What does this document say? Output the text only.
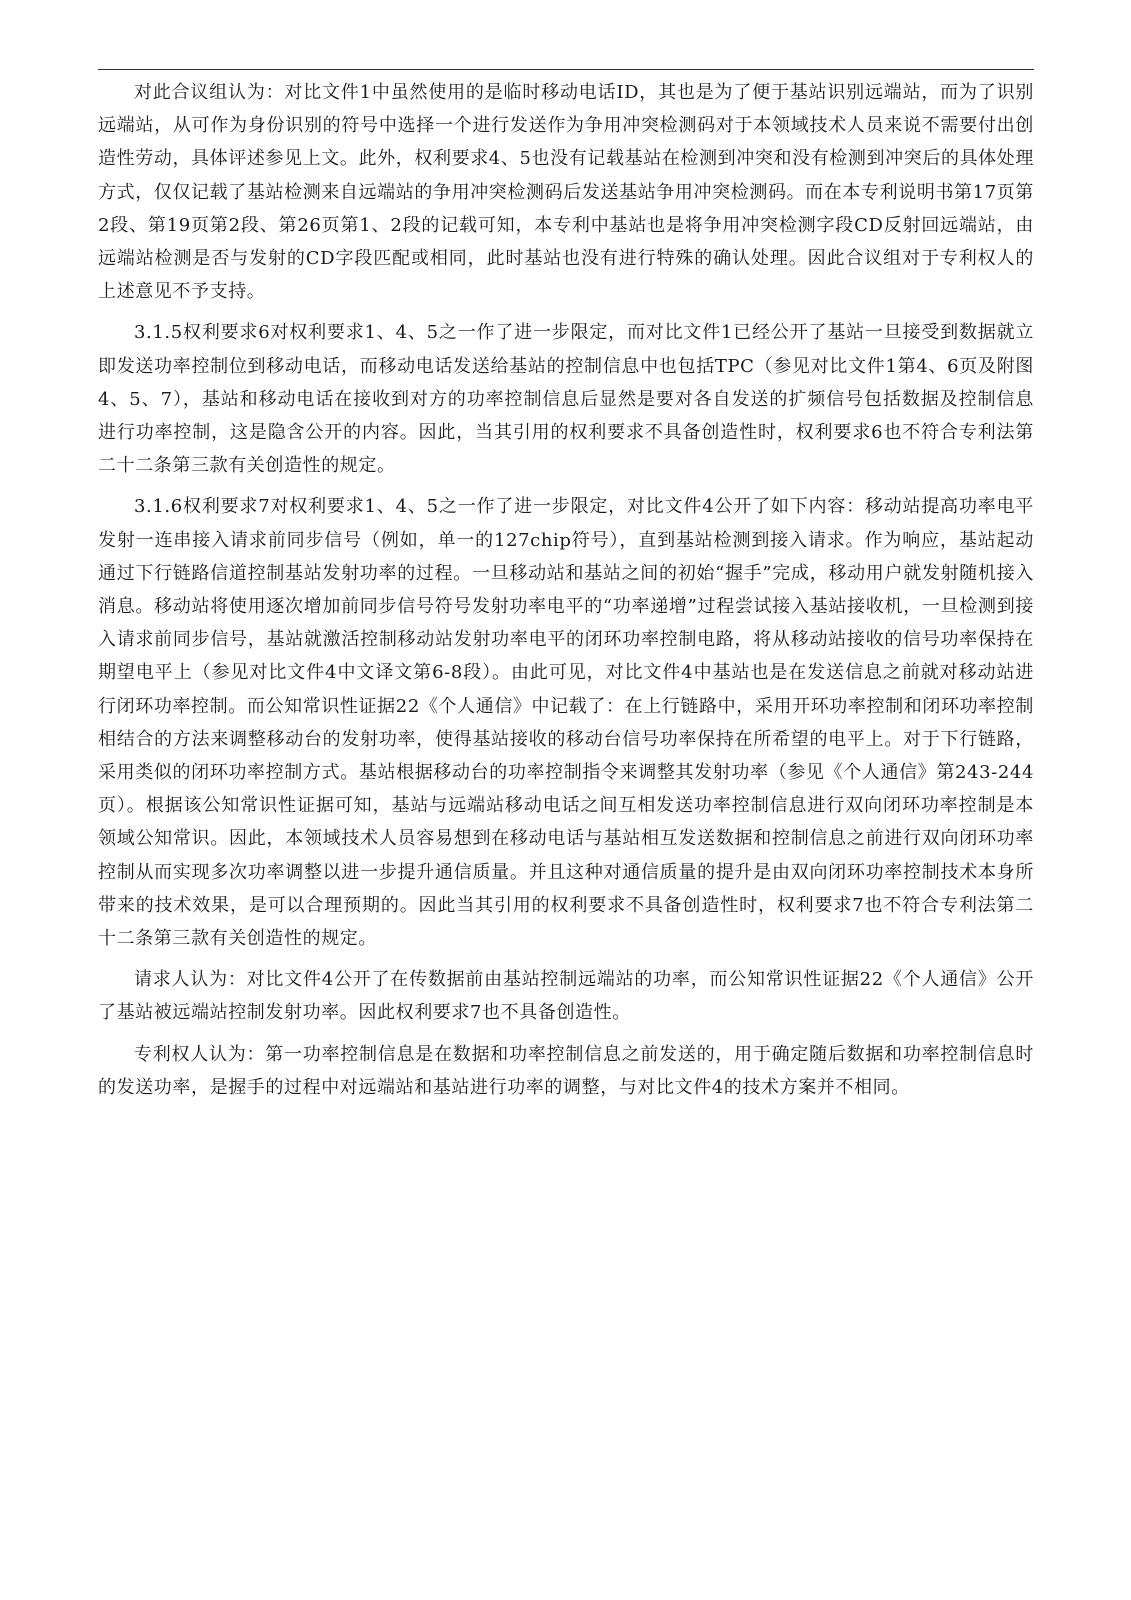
对此合议组认为：对比文件1中虽然使用的是临时移动电话ID，其也是为了便于基站识别远端站，而为了识别远端站，从可作为身份识别的符号中选择一个进行发送作为争用冲突检测码对于本领域技术人员来说不需要付出创造性劳动，具体评述参见上文。此外，权利要求4、5也没有记载基站在检测到冲突和没有检测到冲突后的具体处理方式，仅仅记载了基站检测来自远端站的争用冲突检测码后发送基站争用冲突检测码。而在本专利说明书第17页第2段、第19页第2段、第26页第1、2段的记载可知，本专利中基站也是将争用冲突检测字段CD反射回远端站，由远端站检测是否与发射的CD字段匹配或相同，此时基站也没有进行特殊的确认处理。因此合议组对于专利权人的上述意见不予支持。

3.1.5权利要求6对权利要求1、4、5之一作了进一步限定，而对比文件1已经公开了基站一旦接受到数据就立即发送功率控制位到移动电话，而移动电话发送给基站的控制信息中也包括TPC（参见对比文件1第4、6页及附图4、5、7），基站和移动电话在接收到对方的功率控制信息后显然是要对各自发送的扩频信号包括数据及控制信息进行功率控制，这是隐含公开的内容。因此，当其引用的权利要求不具备创造性时，权利要求6也不符合专利法第二十二条第三款有关创造性的规定。

3.1.6权利要求7对权利要求1、4、5之一作了进一步限定，对比文件4公开了如下内容：移动站提高功率电平发射一连串接入请求前同步信号（例如，单一的127chip符号），直到基站检测到接入请求。作为响应，基站起动通过下行链路信道控制基站发射功率的过程。一旦移动站和基站之间的初始“握手”完成，移动用户就发射随机接入消息。移动站将使用逐次增加前同步信号符号发射功率电平的“功率递增”过程尝试接入基站接收机，一旦检测到接入请求前同步信号，基站就激活控制移动站发射功率电平的闭环功率控制电路，将从移动站接收的信号功率保持在期望电平上（参见对比文件4中文译文第6-8段）。由此可见，对比文件4中基站也是在发送信息之前就对移动站进行闭环功率控制。而公知常识性证据22《个人通信》中记载了：在上行链路中，采用开环功率控制和闭环功率控制相结合的方法来调整移动台的发射功率，使得基站接收的移动台信号功率保持在所希望的电平上。对于下行链路，采用类似的闭环功率控制方式。基站根据移动台的功率控制指令来调整其发射功率（参见《个人通信》第243-244页）。根据该公知常识性证据可知，基站与远端站移动电话之间互相发送功率控制信息进行双向闭环功率控制是本领域公知常识。因此，本领域技术人员容易想到在移动电话与基站相互发送数据和控制信息之前进行双向闭环功率控制从而实现多次功率调整以进一步提升通信质量。并且这种对通信质量的提升是由双向闭环功率控制技术本身所带来的技术效果，是可以合理预期的。因此当其引用的权利要求不具备创造性时，权利要求7也不符合专利法第二十二条第三款有关创造性的规定。

请求人认为：对比文件4公开了在传数据前由基站控制远端站的功率，而公知常识性证据22《个人通信》公开了基站被远端站控制发射功率。因此权利要求7也不具备创造性。

专利权人认为：第一功率控制信息是在数据和功率控制信息之前发送的，用于确定随后数据和功率控制信息时的发送功率，是握手的过程中对远端站和基站进行功率的调整，与对比文件4的技术方案并不相同。
